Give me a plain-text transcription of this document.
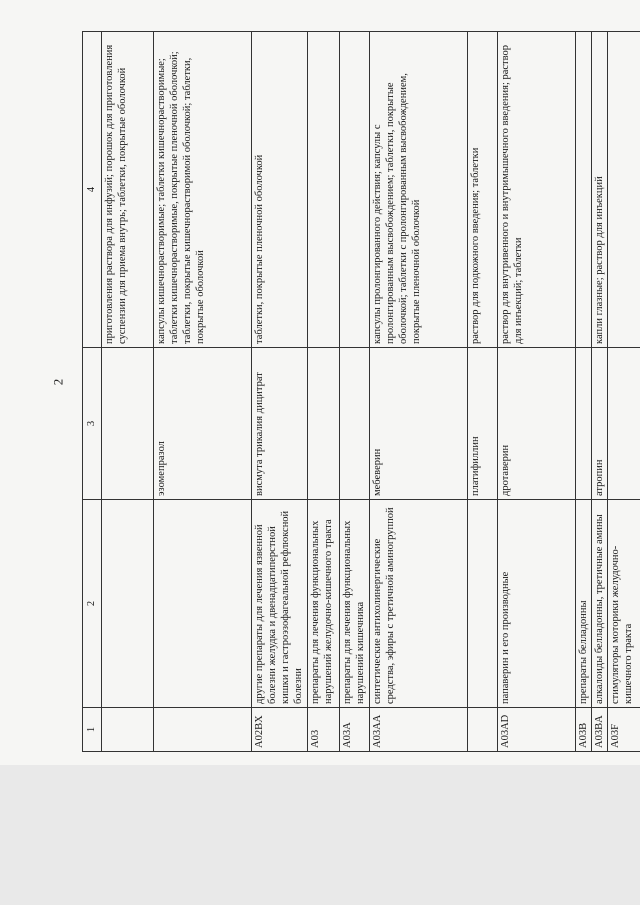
2
1	2	3	4
			приготовления раствора для инфузий; порошок для приготовления суспензии для приема внутрь; таблетки, покрытые оболочкой
		эзомепразол	капсулы кишечнорастворимые; таблетки кишечнорастворимые; таблетки кишечнорастворимые, покрытые пленочной оболочкой; таблетки, покрытые кишечнорастворимой оболочкой; таблетки, покрытые оболочкой
A02BX	другие препараты для лечения язвенной болезни желудка и двенадцатиперстной кишки и гастроэзофагеальной рефлюксной болезни	висмута трикалия дицитрат	таблетки, покрытые пленочной оболочкой
A03	препараты для лечения функциональных нарушений желудочно-кишечного тракта		
A03A	препараты для лечения функциональных нарушений кишечника		
A03AA	синтетические антихолинергические средства, эфиры с третичной аминогруппой	мебеверин	капсулы пролонгированного действия; капсулы с пролонгированным высвобождением; таблетки, покрытые оболочкой; таблетки с пролонгированным высвобождением, покрытые пленочной оболочкой
		платифиллин	раствор для подкожного введения; таблетки
A03AD	папаверин и его производные	дротаверин	раствор для внутривенного и внутримышечного введения; раствор для инъекций; таблетки
A03B	препараты белладонны		
A03BA	алкалоиды белладонны, третичные амины	атропин	капли глазные; раствор для инъекций
A03F	стимуляторы моторики желудочно-кишечного тракта		
